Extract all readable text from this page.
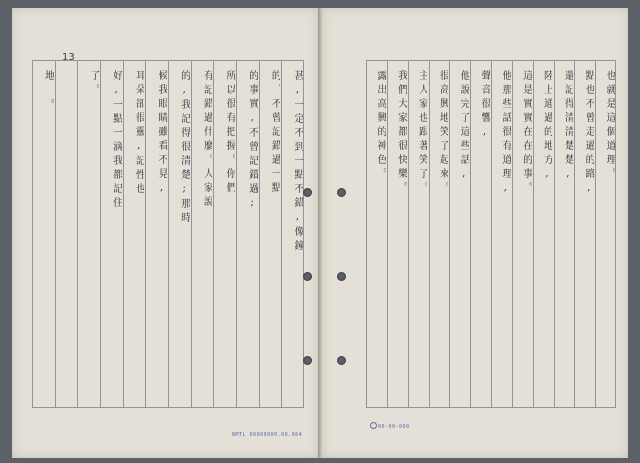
13
甚,一定不到一點不錯,像鐘
的、不曾記錯過一點
的事實,不曾記錯過;
所以很有把握。你們
有記錯過什麼。人家說
的,我記得很清楚;那時
候我眼睛雖看不見,
耳朵卻很靈,記性也
好,一點一滴我都記住
了。
地 。	也就是這個道理。
點也不曾走過的路,
還記得清清楚楚,
陸上通過的地方,
這是實實在在的事。
他那些話很有道理,
聲音很響,
他說完了這些話,
很高興地笑了起來。
主人家也跟著笑了。
我們大家都很快樂。
露出高興的神色。
NMTL 00000000.00.964
00-00-000
